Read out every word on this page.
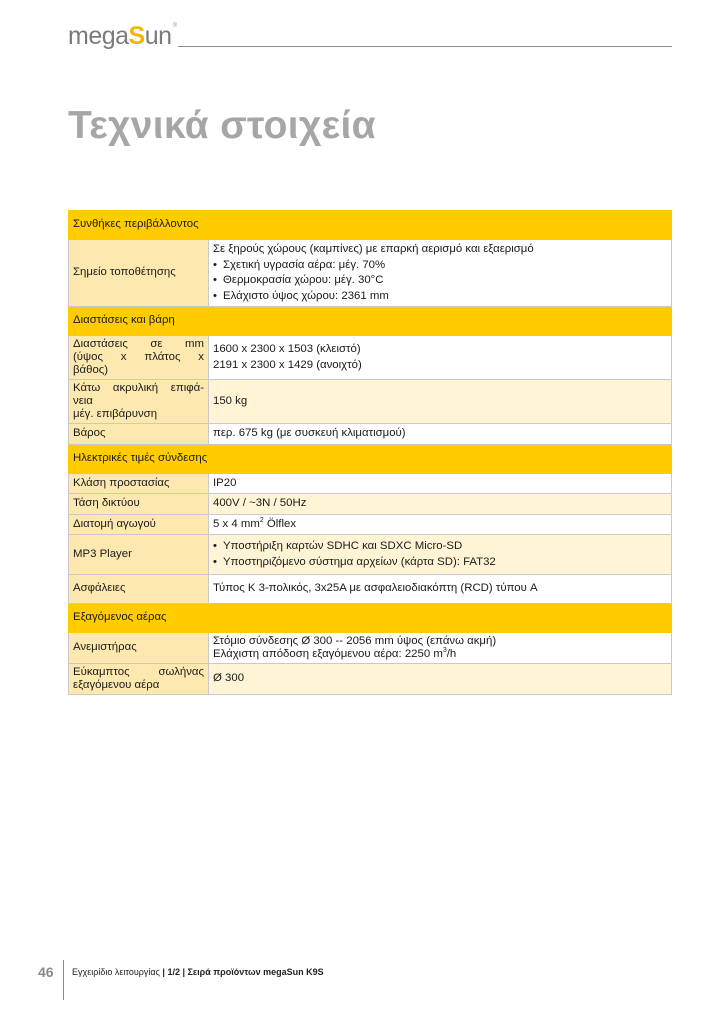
megaSun ®
Τεχνικά στοιχεία
Συνθήκες περιβάλλοντος	
Σημείο τοποθέτησης	Σε ξηρούς χώρους (καμπίνες) με επαρκή αερισμό και εξαερισμό
• Σχετική υγρασία αέρα: μέγ. 70%
• Θερμοκρασία χώρου: μέγ. 30°C
• Ελάχιστο ύψος χώρου: 2361 mm

Διαστάσεις και βάρη	

Διαστάσεις σε mm
(ύψος x πλάτος x
βάθος)	1600 x 2300 x 1503 (κλειστό)
2191 x 2300 x 1429 (ανοιχτό)

Κάτω ακρυλική επιφά-
νεια
μέγ. επιβάρυνση	150 kg
Βάρος	περ. 675 kg (με συσκευή κλιματισμού)
Ηλεκτρικές τιμές σύνδεσης	
Κλάση προστασίας	IP20
Τάση δικτύου	400V / ~3N / 50Hz
Διατομή αγωγού	5 x 4 $mm^2$ Ölflex
MP3 Player	• Υποστήριξη καρτών SDHC και SDXC Micro-SD
• Υποστηριζόμενο σύστημα αρχείων (κάρτα SD): FAT32

Ασφάλειες	Τύπος K 3-πολικός, 3x25A με ασφαλειοδιακόπτη (RCD) τύπου A
Εξαγόμενος αέρας	
Ανεμιστήρας	Στόμιο σύνδεσης Ø 300 -- 2056 mm ύψος (επάνω ακμή)
Ελάχιστη απόδοση εξαγόμενου αέρα: 2250 $m^3/h$

Εύκαμπτος σωλήνας
εξαγόμενου αέρα	Ø 300
46 Εγχειρίδιο λειτουργίας | 1/2 | Σειρά προϊόντων megaSun K9S
